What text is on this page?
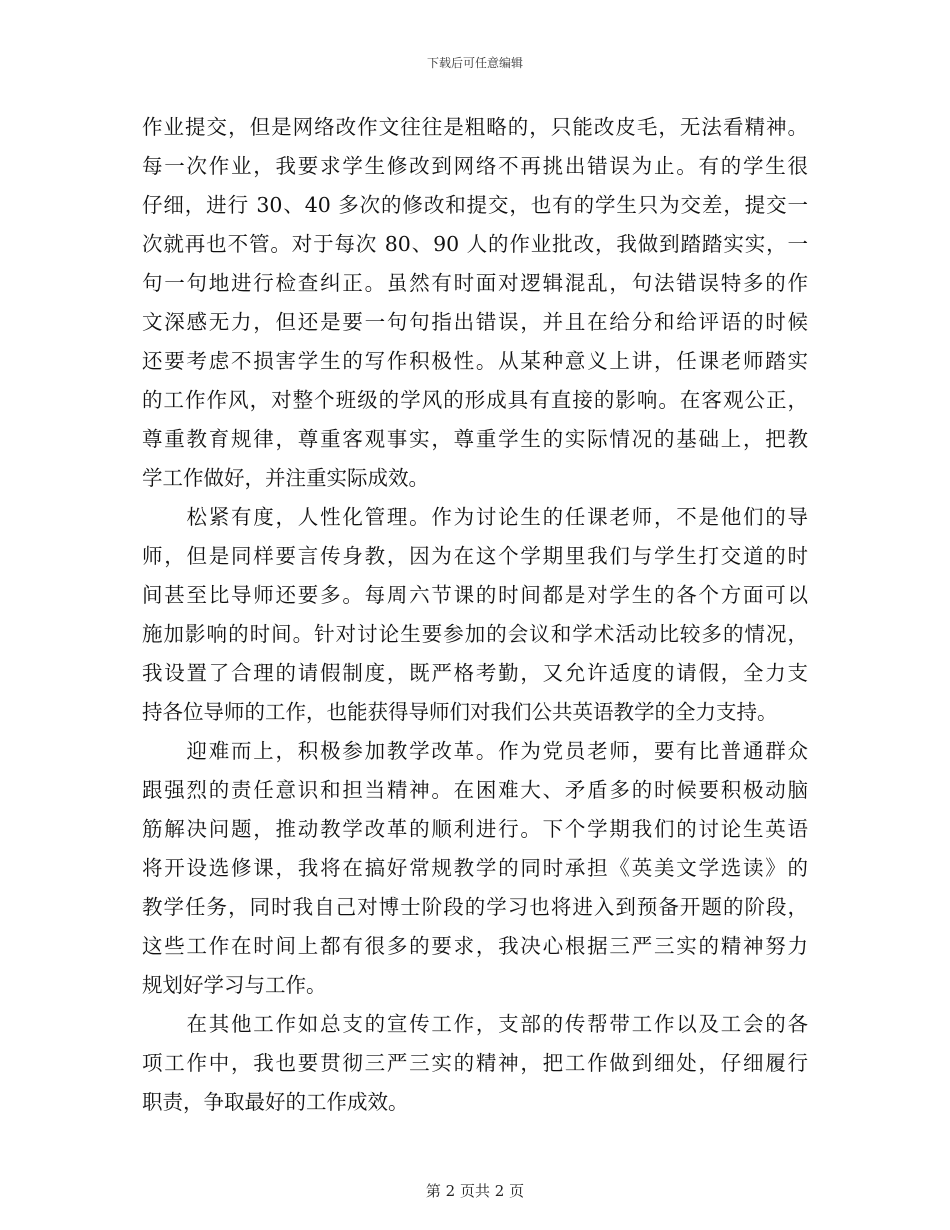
下载后可任意编辑
作业提交，但是网络改作文往往是粗略的，只能改皮毛，无法看精神。
每一次作业，我要求学生修改到网络不再挑出错误为止。有的学生很
仔细，进行 30、40 多次的修改和提交，也有的学生只为交差，提交一
次就再也不管。对于每次 80、90 人的作业批改，我做到踏踏实实，一
句一句地进行检查纠正。虽然有时面对逻辑混乱，句法错误特多的作
文深感无力，但还是要一句句指出错误，并且在给分和给评语的时候
还要考虑不损害学生的写作积极性。从某种意义上讲，任课老师踏实
的工作作风，对整个班级的学风的形成具有直接的影响。在客观公正，
尊重教育规律，尊重客观事实，尊重学生的实际情况的基础上，把教
学工作做好，并注重实际成效。
　　松紧有度，人性化管理。作为讨论生的任课老师，不是他们的导
师，但是同样要言传身教，因为在这个学期里我们与学生打交道的时
间甚至比导师还要多。每周六节课的时间都是对学生的各个方面可以
施加影响的时间。针对讨论生要参加的会议和学术活动比较多的情况，
我设置了合理的请假制度，既严格考勤，又允许适度的请假，全力支
持各位导师的工作，也能获得导师们对我们公共英语教学的全力支持。
　　迎难而上，积极参加教学改革。作为党员老师，要有比普通群众
跟强烈的责任意识和担当精神。在困难大、矛盾多的时候要积极动脑
筋解决问题，推动教学改革的顺利进行。下个学期我们的讨论生英语
将开设选修课，我将在搞好常规教学的同时承担《英美文学选读》的
教学任务，同时我自己对博士阶段的学习也将进入到预备开题的阶段，
这些工作在时间上都有很多的要求，我决心根据三严三实的精神努力
规划好学习与工作。
　　在其他工作如总支的宣传工作，支部的传帮带工作以及工会的各
项工作中，我也要贯彻三严三实的精神，把工作做到细处，仔细履行
职责，争取最好的工作成效。
第 2 页共 2 页
